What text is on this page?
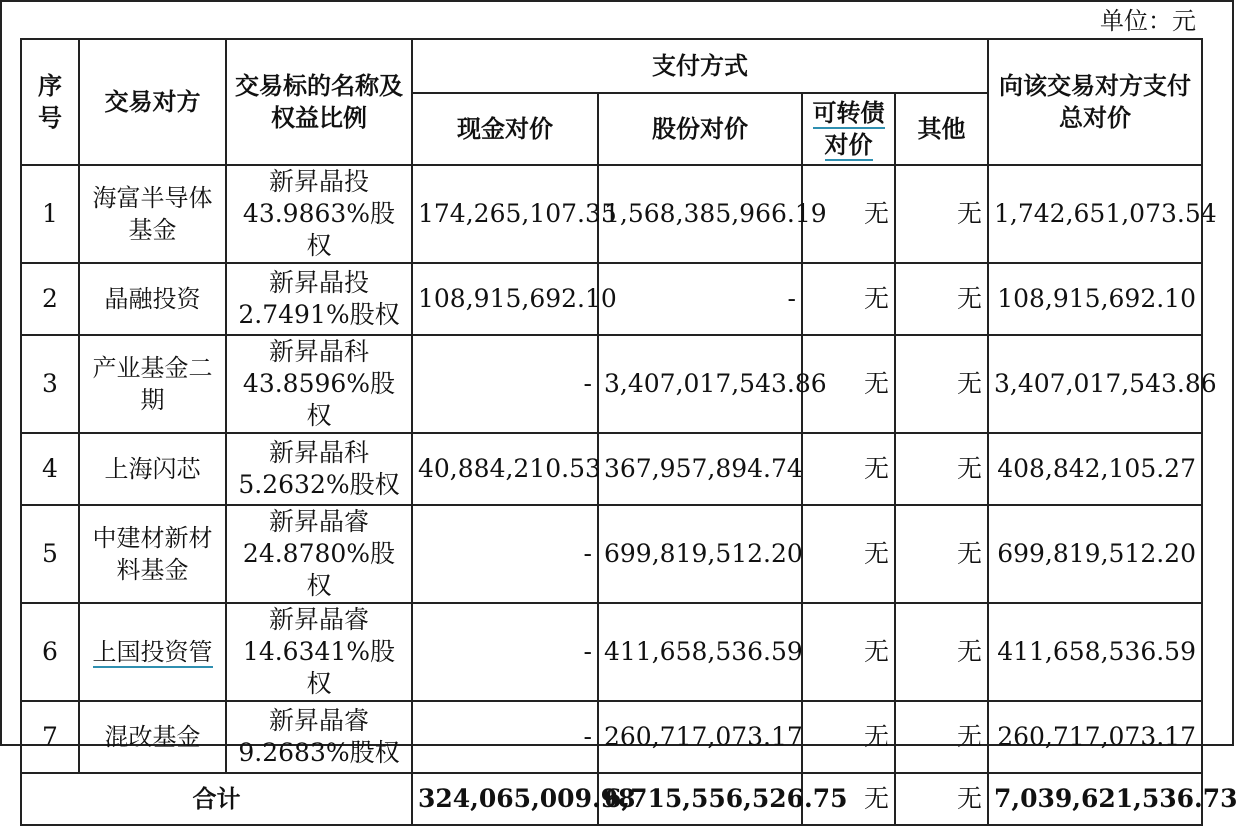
单位：元
序号	交易对方	交易标的名称及权益比例	支付方式				向该交易对方支付总对价
			现金对价	股份对价	可转债对价	其他	
1	海富半导体基金	新昇晶投43.9863%股权	174,265,107.35	1,568,385,966.19	无	无	1,742,651,073.54
2	晶融投资	新昇晶投2.7491%股权	108,915,692.10	-	无	无	108,915,692.10
3	产业基金二期	新昇晶科43.8596%股权	-	3,407,017,543.86	无	无	3,407,017,543.86
4	上海闪芯	新昇晶科5.2632%股权	40,884,210.53	367,957,894.74	无	无	408,842,105.27
5	中建材新材料基金	新昇晶睿24.8780%股权	-	699,819,512.20	无	无	699,819,512.20
6	上国投资管	新昇晶睿14.6341%股权	-	411,658,536.59	无	无	411,658,536.59
7	混改基金	新昇晶睿9.2683%股权	-	260,717,073.17	无	无	260,717,073.17
合计			324,065,009.98	6,715,556,526.75	无	无	7,039,621,536.73
